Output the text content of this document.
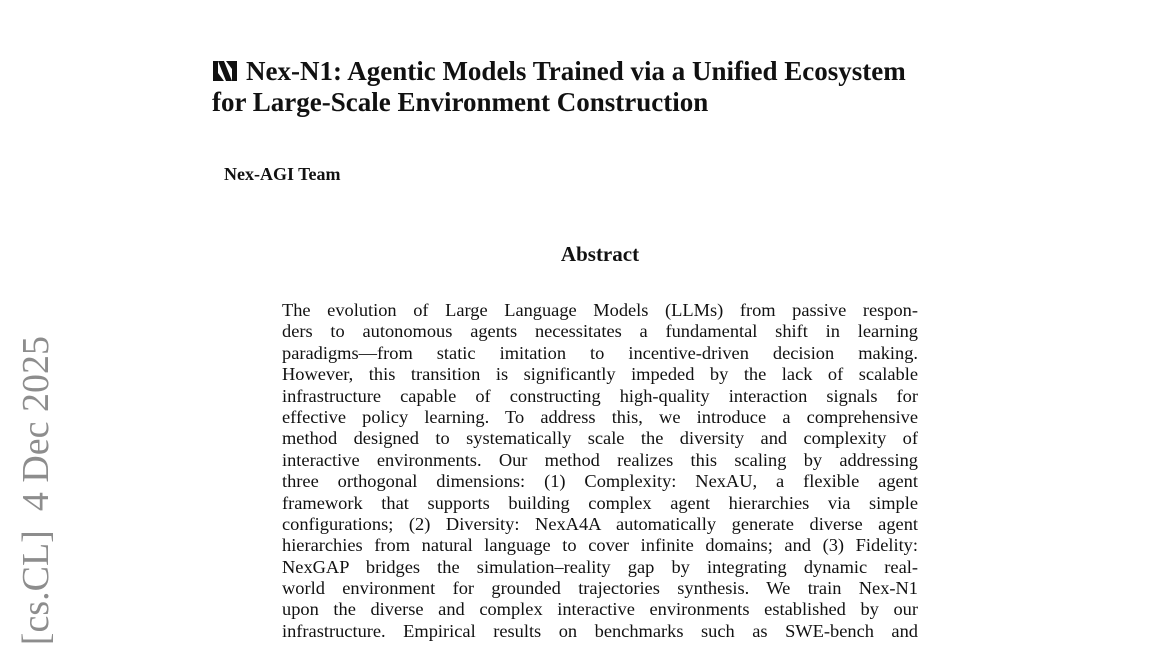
[cs.CL]  4 Dec 2025
Nex-N1: Agentic Models Trained via a Unified Ecosystem
for Large-Scale Environment Construction
Nex-AGI Team
Abstract
The evolution of Large Language Models (LLMs) from passive respon-
ders to autonomous agents necessitates a fundamental shift in learning
paradigms—from static imitation to incentive-driven decision making.
However, this transition is significantly impeded by the lack of scalable
infrastructure capable of constructing high-quality interaction signals for
effective policy learning. To address this, we introduce a comprehensive
method designed to systematically scale the diversity and complexity of
interactive environments. Our method realizes this scaling by addressing
three orthogonal dimensions: (1) Complexity: NexAU, a flexible agent
framework that supports building complex agent hierarchies via simple
configurations; (2) Diversity: NexA4A automatically generate diverse agent
hierarchies from natural language to cover infinite domains; and (3) Fidelity:
NexGAP bridges the simulation–reality gap by integrating dynamic real-
world environment for grounded trajectories synthesis. We train Nex-N1
upon the diverse and complex interactive environments established by our
infrastructure. Empirical results on benchmarks such as SWE-bench and
